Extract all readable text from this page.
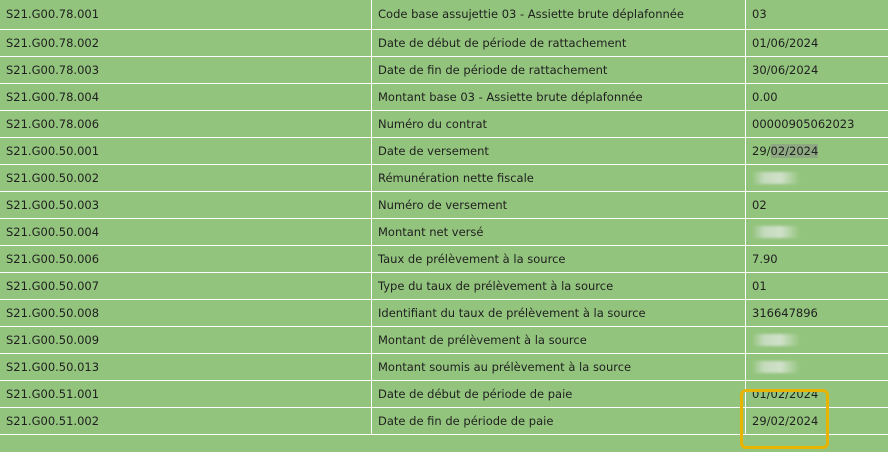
S21.G00.78.001	Code base assujettie 03 - Assiette brute déplafonnée	03
S21.G00.78.002	Date de début de période de rattachement	01/06/2024
S21.G00.78.003	Date de fin de période de rattachement	30/06/2024
S21.G00.78.004	Montant base 03 - Assiette brute déplafonnée	0.00
S21.G00.78.006	Numéro du contrat	00000905062023
S21.G00.50.001	Date de versement	29/02/2024
S21.G00.50.002	Rémunération nette fiscale	
S21.G00.50.003	Numéro de versement	02
S21.G00.50.004	Montant net versé	
S21.G00.50.006	Taux de prélèvement à la source	7.90
S21.G00.50.007	Type du taux de prélèvement à la source	01
S21.G00.50.008	Identifiant du taux de prélèvement à la source	316647896
S21.G00.50.009	Montant de prélèvement à la source	
S21.G00.50.013	Montant soumis au prélèvement à la source	
S21.G00.51.001	Date de début de période de paie	01/02/2024
S21.G00.51.002	Date de fin de période de paie	29/02/2024
